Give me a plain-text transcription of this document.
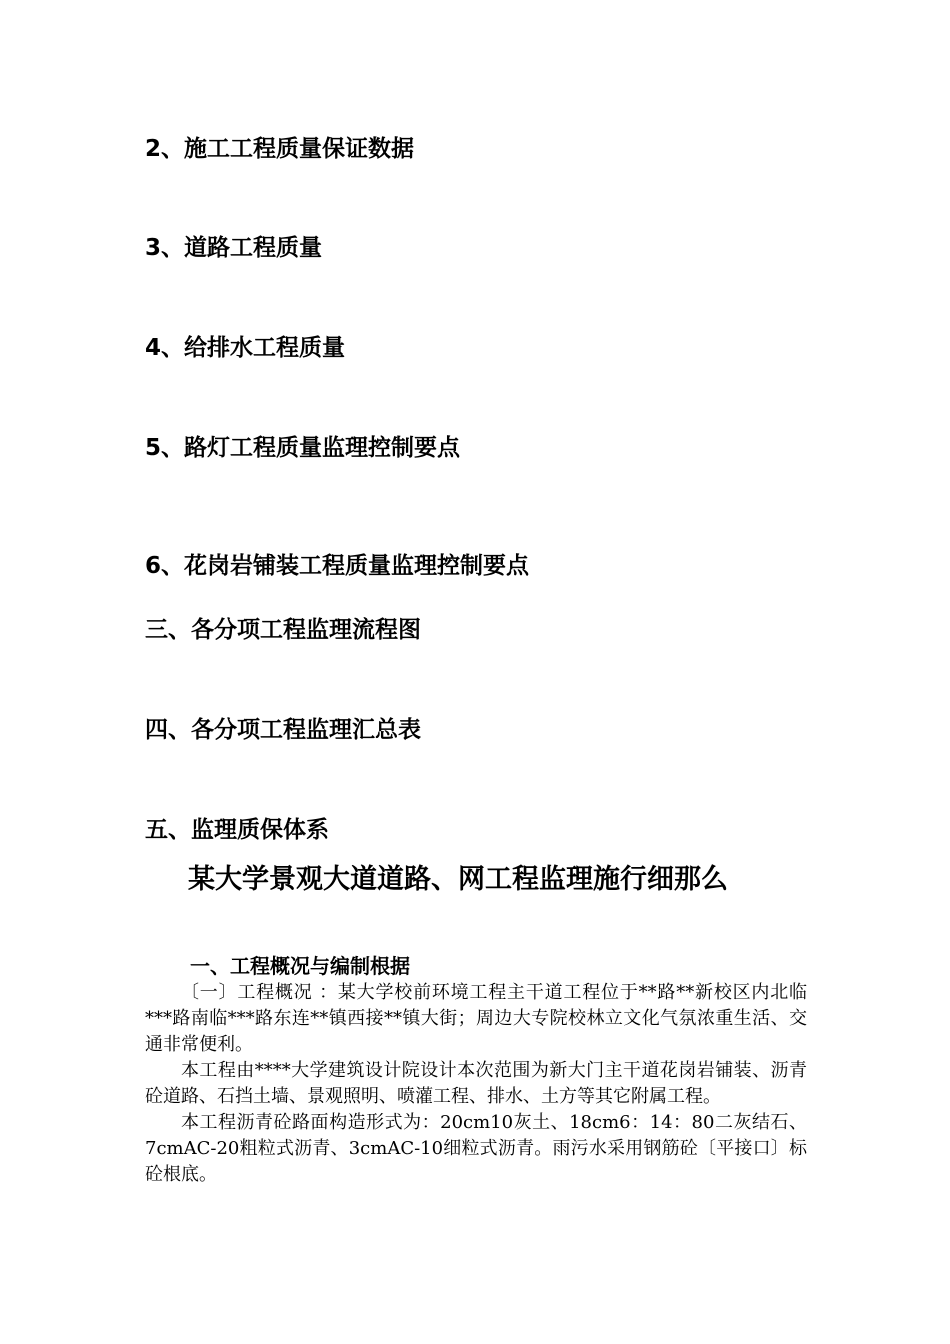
2、施工工程质量保证数据
3、道路工程质量
4、给排水工程质量
5、路灯工程质量监理控制要点
6、花岗岩铺装工程质量监理控制要点
三、各分项工程监理流程图
四、各分项工程监理汇总表
五、监理质保体系
某大学景观大道道路、网工程监理施行细那么
一、工程概况与编制根据

〔一〕工程概况 ：某大学校前环境工程主干道工程位于**路**新校区内北临***路南临***路东连**镇西接**镇大街；周边大专院校林立文化气氛浓重生活、交通非常便利。

本工程由****大学建筑设计院设计本次范围为新大门主干道花岗岩铺装、沥青砼道路、石挡土墙、景观照明、喷灌工程、排水、土方等其它附属工程。

本工程沥青砼路面构造形式为：20cm10灰土、18cm6：14：80二灰结石、7cmAC-20粗粒式沥青、3cmAC-10细粒式沥青。雨污水采用钢筋砼〔平接口〕标砼根底。
